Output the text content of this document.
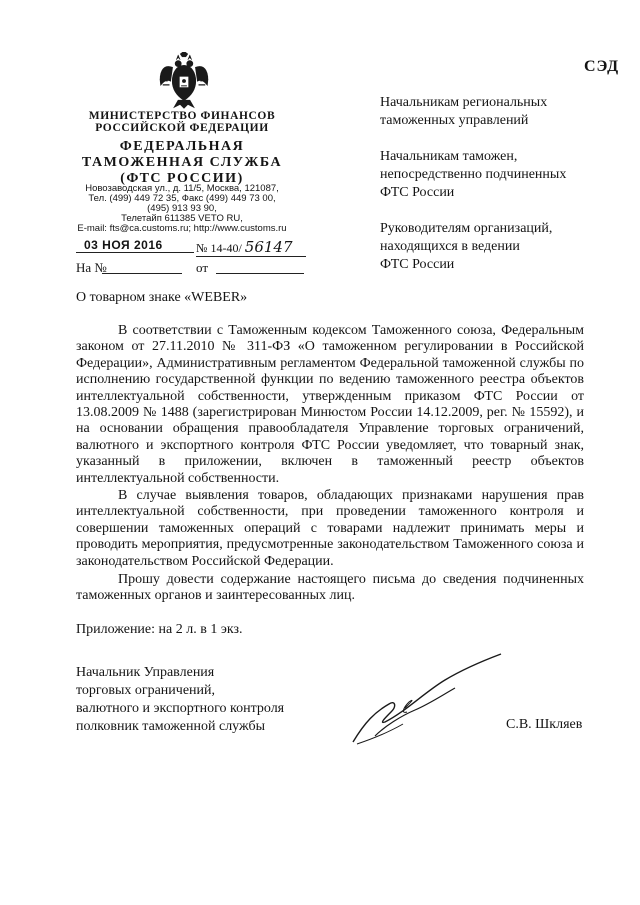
СЭД
МИНИСТЕРСТВО ФИНАНСОВ
РОССИЙСКОЙ ФЕДЕРАЦИИ
ФЕДЕРАЛЬНАЯ
ТАМОЖЕННАЯ СЛУЖБА
(ФТС РОССИИ)
Новозаводская ул., д. 11/5, Москва, 121087,
Тел. (499) 449 72 35, Факс (499) 449 73 00,
(495) 913 93 90,
Телетайп 611385 VETO RU,
E-mail: fts@ca.customs.ru; http://www.customs.ru
03 НОЯ 2016	№ 14-40/ 56147
На №	от
Начальникам региональных
таможенных управлений
Начальникам таможен,
непосредственно подчиненных
ФТС России
Руководителям организаций,
находящихся в ведении
ФТС России
О товарном знаке «WEBER»

В соответствии с Таможенным кодексом Таможенного союза, Федеральным законом от 27.11.2010 № 311-ФЗ «О таможенном регулировании в Российской Федерации», Административным регламентом Федеральной таможенной службы по исполнению государственной функции по ведению таможенного реестра объектов интеллектуальной собственности, утвержденным приказом ФТС России от 13.08.2009 № 1488 (зарегистрирован Минюстом России 14.12.2009, рег. № 15592), и на основании обращения правообладателя Управление торговых ограничений, валютного и экспортного контроля ФТС России уведомляет, что товарный знак, указанный в приложении, включен в таможенный реестр объектов интеллектуальной собственности.

В случае выявления товаров, обладающих признаками нарушения прав интеллектуальной собственности, при проведении таможенного контроля и совершении таможенных операций с товарами надлежит принимать меры и проводить мероприятия, предусмотренные законодательством Таможенного союза и законодательством Российской Федерации.

Прошу довести содержание настоящего письма до сведения подчиненных таможенных органов и заинтересованных лиц.

Приложение: на 2 л. в 1 экз.
Начальник Управления
торговых ограничений,
валютного и экспортного контроля
полковник таможенной службы	С.В. Шкляев
